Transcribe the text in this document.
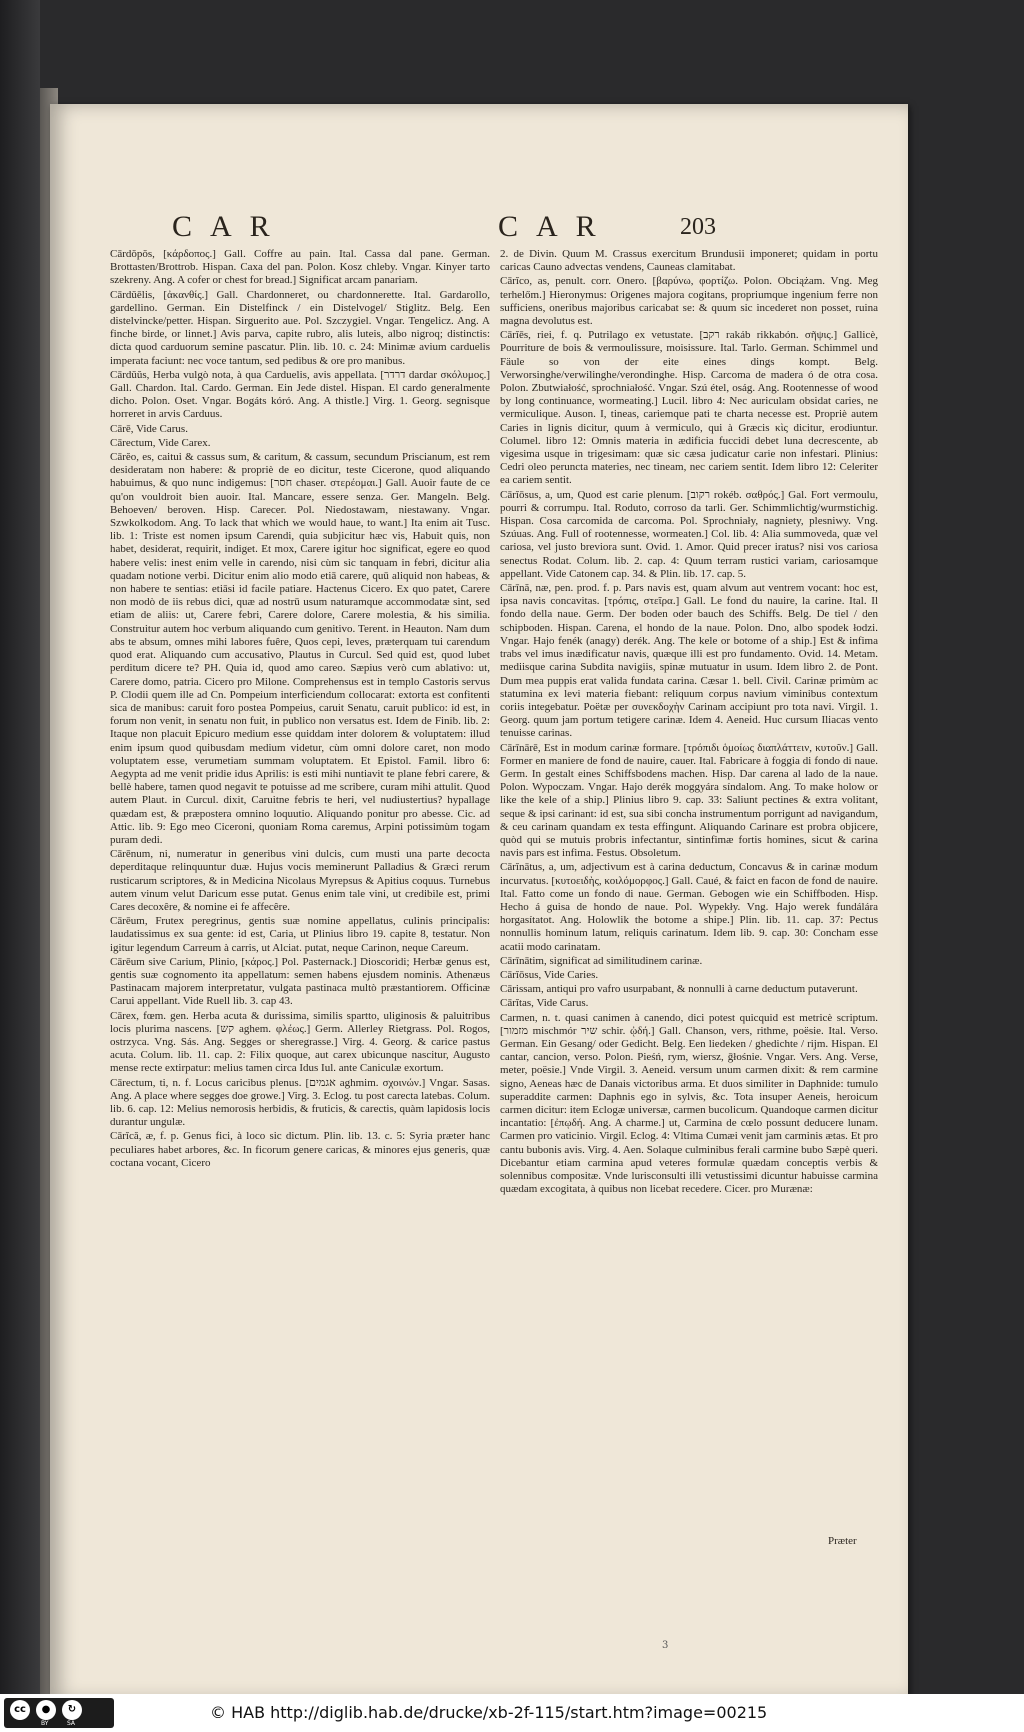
CAR	CAR	203

Cārdŏpŏs, [κάρδοπος.] Gall. Coffre au pain. Ital. Cassa dal pane. German. Brottasten/Brottrob. Hispan. Caxa del pan. Polon. Kosz chleby. Vngar. Kinyer tarto szekreny. Ang. A cofer or chest for bread.] Significat arcam panariam.

Cārdŭēlis, [ἀκανθίς.] Gall. Chardonneret, ou chardonnerette. Ital. Gardarollo, gardellino. German. Ein Distelfinck / ein Distelvogel/ Stiglitz. Belg. Een distelvincke/petter. Hispan. Sirguerito aue. Pol. Szczygiel. Vngar. Tengelicz. Ang. A finche birde, or linnet.] Avis parva, capite rubro, alis luteis, albo nigroq; distinctis: dicta quod carduorum semine pascatur. Plin. lib. 10. c. 24: Minimæ avium carduelis imperata faciunt: nec voce tantum, sed pedibus & ore pro manibus.

Cārdŭŭs, Herba vulgò nota, à qua Carduelis, avis appellata. [דרדר dardar σκόλυμος.] Gall. Chardon. Ital. Cardo. German. Ein Jede distel. Hispan. El cardo generalmente dicho. Polon. Oset. Vngar. Bogáts kóró. Ang. A thistle.] Virg. 1. Georg. segnisque horreret in arvis Carduus.

Cārē, Vide Carus.

Cārectum, Vide Carex.

Cārĕo, es, caitui & cassus sum, & caritum, & cassum, secundum Priscianum, est rem desideratam non habere: & propriè de eo dicitur, teste Cicerone, quod aliquando habuimus, & quo nunc indigemus: [חסר chaser. στερέομαι.] Gall. Auoir faute de ce qu'on vouldroit bien auoir. Ital. Mancare, essere senza. Ger. Mangeln. Belg. Behoeven/ beroven. Hisp. Carecer. Pol. Niedostawam, niestawany. Vngar. Szwkolkodom. Ang. To lack that which we would haue, to want.] Ita enim ait Tusc. lib. 1: Triste est nomen ipsum Carendi, quia subjicitur hæc vis, Habuit quis, non habet, desiderat, requirit, indiget. Et mox, Carere igitur hoc significat, egere eo quod habere velis: inest enim velle in carendo, nisi cùm sic tanquam in febri, dicitur alia quadam notione verbi. Dicitur enim alio modo etiā carere, quū aliquid non habeas, & non habere te sentias: etiāsi id facile patiare. Hactenus Cicero. Ex quo patet, Carere non modò de iis rebus dici, quæ ad nostrū usum naturamque accommodatæ sint, sed etiam de aliis: ut, Carere febri, Carere dolore, Carere molestia, & his similia. Construitur autem hoc verbum aliquando cum genitivo. Terent. in Heauton. Nam dum abs te absum, omnes mihi labores fuêre, Quos cepi, leves, præterquam tui carendum quod erat. Aliquando cum accusativo, Plautus in Curcul. Sed quid est, quod lubet perditum dicere te? PH. Quia id, quod amo careo. Sæpius verò cum ablativo: ut, Carere domo, patria. Cicero pro Milone. Comprehensus est in templo Castoris servus P. Clodii quem ille ad Cn. Pompeium interficiendum collocarat: extorta est confitenti sica de manibus: caruit foro postea Pompeius, caruit Senatu, caruit publico: id est, in forum non venit, in senatu non fuit, in publico non versatus est. Idem de Finib. lib. 2: Itaque non placuit Epicuro medium esse quiddam inter dolorem & voluptatem: illud enim ipsum quod quibusdam medium videtur, cùm omni dolore caret, non modo voluptatem esse, verumetiam summam voluptatem. Et Epistol. Famil. libro 6: Aegypta ad me venit pridie idus Aprilis: is esti mihi nuntiavit te plane febri carere, & bellè habere, tamen quod negavit te potuisse ad me scribere, curam mihi attulit. Quod autem Plaut. in Curcul. dixit, Caruitne febris te heri, vel nudiustertius? hypallage quædam est, & præpostera omnino loquutio. Aliquando ponitur pro abesse. Cic. ad Attic. lib. 9: Ego meo Ciceroni, quoniam Roma caremus, Arpini potissimùm togam puram dedi.

Cārēnum, ni, numeratur in generibus vini dulcis, cum musti una parte decocta deperditaque relinquuntur duæ. Hujus vocis meminerunt Palladius & Græci rerum rusticarum scriptores, & in Medicina Nicolaus Myrepsus & Apitius coquus. Turnebus autem vinum velut Daricum esse putat. Genus enim tale vini, ut credibile est, primi Cares decoxêre, & nomine ei fe affecêre.

Cārēum, Frutex peregrinus, gentis suæ nomine appellatus, culinis principalis: laudatissimus ex sua gente: id est, Caria, ut Plinius libro 19. capite 8, testatur. Non igitur legendum Carreum à carris, ut Alciat. putat, neque Carinon, neque Careum.

Cārēum sive Carium, Plinio, [κάρος.] Pol. Pasternack.] Dioscoridi; Herbæ genus est, gentis suæ cognomento ita appellatum: semen habens ejusdem nominis. Athenæus Pastinacam majorem interpretatur, vulgata pastinaca multò præstantiorem. Officinæ Carui appellant. Vide Ruell lib. 3. cap 43.

Cārex, fœm. gen. Herba acuta & durissima, similis spartto, uliginosis & paluitribus locis plurima nascens. [קש aghem. φλέως.] Germ. Allerley Rietgrass. Pol. Rogos, ostrzyca. Vng. Sás. Ang. Segges or sheregrasse.] Virg. 4. Georg. & carice pastus acuta. Colum. lib. 11. cap. 2: Filix quoque, aut carex ubicunque nascitur, Augusto mense recte extirpatur: melius tamen circa Idus Iul. ante Caniculæ exortum.

Cārectum, ti, n. f. Locus caricibus plenus. [אגמים aghmim. σχοινών.] Vngar. Sasas. Ang. A place where segges doe growe.] Virg. 3. Eclog. tu post carecta latebas. Colum. lib. 6. cap. 12: Melius nemorosis herbidis, & fruticis, & carectis, quàm lapidosis locis durantur ungulæ.

Cārĭcă, æ, f. p. Genus fici, à loco sic dictum. Plin. lib. 13. c. 5: Syria præter hanc peculiares habet arbores, &c. In ficorum genere caricas, & minores ejus generis, quæ coctana vocant, Cicero

2. de Divin. Quum M. Crassus exercitum Brundusii imponeret; quidam in portu caricas Cauno advectas vendens, Cauneas clamitabat.

Cārĭco, as, penult. corr. Onero. [βαρύνω, φορτίζω. Polon. Obciążam. Vng. Meg terhelőm.] Hieronymus: Origenes majora cogitans, propriumque ingenium ferre non sufficiens, oneribus majoribus caricabat se: & quum sic incederet non posset, ruina magna devolutus est.

Cārĭēs, riei, f. q. Putrilago ex vetustate. [רקב rakáb rikkabón. σῆψις.] Gallicè, Pourriture de bois & vermoulissure, moisissure. Ital. Tarlo. German. Schimmel und Fäule so von der eite eines dings kompt. Belg. Verworsinghe/verwilinghe/verondinghe. Hisp. Carcoma de madera ó de otra cosa. Polon. Zbutwiałość, sprochniałość. Vngar. Szú étel, oság. Ang. Rootennesse of wood by long continuance, wormeating.] Lucil. libro 4: Nec auriculam obsidat caries, ne vermiculique. Auson. I, tineas, cariemque pati te charta necesse est. Propriè autem Caries in lignis dicitur, quum à vermiculo, qui à Græcis κὶς dicitur, erodiuntur. Columel. libro 12: Omnis materia in ædificia fuccidi debet luna decrescente, ab vigesima usque in trigesimam: quæ sic cæsa judicatur carie non infestari. Plinius: Cedri oleo peruncta materies, nec tineam, nec cariem sentit. Idem libro 12: Celeriter ea cariem sentit.

Cārĭōsus, a, um, Quod est carie plenum. [רקוב rokéb. σαθρός.] Gal. Fort vermoulu, pourri & corrumpu. Ital. Roduto, corroso da tarli. Ger. Schimmlichtig/wurmstichig. Hispan. Cosa carcomida de carcoma. Pol. Sprochniały, nagniety, plesniwy. Vng. Szúuas. Ang. Full of rootennesse, wormeaten.] Col. lib. 4: Alia summoveda, quæ vel cariosa, vel justo breviora sunt. Ovid. 1. Amor. Quid precer iratus? nisi vos cariosa senectus Rodat. Colum. lib. 2. cap. 4: Quum terram rustici variam, cariosamque appellant. Vide Catonem cap. 34. & Plin. lib. 17. cap. 5.

Cārīnă, næ, pen. prod. f. p. Pars navis est, quam alvum aut ventrem vocant: hoc est, ipsa navis concavitas. [τρόπις, στεῖρα.] Gall. Le fond du nauire, la carine. Ital. Il fondo della naue. Germ. Der boden oder bauch des Schiffs. Belg. De tiel / den schipboden. Hispan. Carena, el hondo de la naue. Polon. Dno, albo spodek łodzi. Vngar. Hajo fenék (anagy) derék. Ang. The kele or botome of a ship.] Est & infima trabs vel imus inædificatur navis, quæque illi est pro fundamento. Ovid. 14. Metam. mediisque carina Subdita navigiis, spinæ mutuatur in usum. Idem libro 2. de Pont. Dum mea puppis erat valida fundata carina. Cæsar 1. bell. Civil. Carinæ primùm ac statumina ex levi materia fiebant: reliquum corpus navium viminibus contextum coriis integebatur. Poëtæ per συνεκδοχὴν Carinam accipiunt pro tota navi. Virgil. 1. Georg. quum jam portum tetigere carinæ. Idem 4. Aeneid. Huc cursum Iliacas vento tenuisse carinas.

Cārīnārē, Est in modum carinæ formare. [τρόπιδι ὁμοίως διαπλάττειν, κυτοῦν.] Gall. Former en maniere de fond de nauire, cauer. Ital. Fabricare à foggia di fondo di naue. Germ. In gestalt eines Schiffsbodens machen. Hisp. Dar carena al lado de la naue. Polon. Wypoczam. Vngar. Hajo derék moggyára síndalom. Ang. To make holow or like the kele of a ship.] Plinius libro 9. cap. 33: Saliunt pectines & extra volitant, seque & ipsi carinant: id est, sua sibi concha instrumentum porrigunt ad navigandum, & ceu carinam quandam ex testa effingunt. Aliquando Carinare est probra objicere, quòd qui se mutuis probris infectantur, sintinfimæ fortis homines, sicut & carina navis pars est infima. Festus. Obsoletum.

Cārĭnātus, a, um, adjectivum est à carina deductum, Concavus & in carinæ modum incurvatus. [κυτοειδὴς, κοιλόμορφος.] Gall. Caué, & faict en facon de fond de nauire. Ital. Fatto come un fondo di naue. German. Gebogen wie ein Schiffboden. Hisp. Hecho á guisa de hondo de naue. Pol. Wypekły. Vng. Hajo werek fundálára horgasítatot. Ang. Holowlik the botome a shipe.] Plin. lib. 11. cap. 37: Pectus nonnullis hominum latum, reliquis carinatum. Idem lib. 9. cap. 30: Concham esse acatii modo carinatam.

Cārīnātim, significat ad similitudinem carinæ.

Cārĭōsus, Vide Caries.

Cārissam, antiqui pro vafro usurpabant, & nonnulli à carne deductum putaverunt.

Cārĭtas, Vide Carus.

Carmen, n. t. quasi canimen à canendo, dici potest quicquid est metricè scriptum. [מזמור mischmór שיר schir. ᾠδή.] Gall. Chanson, vers, rithme, poësie. Ital. Verso. German. Ein Gesang/ oder Gedicht. Belg. Een liedeken / ghedichte / rijm. Hispan. El cantar, cancion, verso. Polon. Pieśń, rym, wiersz, ḡłośnie. Vngar. Vers. Ang. Verse, meter, poësie.] Vnde Virgil. 3. Aeneid. versum unum carmen dixit: & rem carmine signo, Aeneas hæc de Danais victoribus arma. Et duos similiter in Daphnide: tumulo superaddite carmen: Daphnis ego in sylvis, &c. Tota insuper Aeneis, heroicum carmen dicitur: item Eclogæ universæ, carmen bucolicum. Quandoque carmen dicitur incantatio: [ἐπῳδή. Ang. A charme.] ut, Carmina de cœlo possunt deducere lunam. Carmen pro vaticinio. Virgil. Eclog. 4: Vltima Cumæi venit jam carminis ætas. Et pro cantu bubonis avis. Virg. 4. Aen. Solaque culminibus ferali carmine bubo Sæpè queri. Dicebantur etiam carmina apud veteres formulæ quædam conceptis verbis & solennibus compositæ. Vnde lurisconsulti illi vetustissimi dicuntur habuisse carmina quædam excogitata, à quibus non licebat recedere. Cicer. pro Murænæ:

Præter
3
cc	●	↻
BY	SA
© HAB http://diglib.hab.de/drucke/xb-2f-115/start.htm?image=00215
